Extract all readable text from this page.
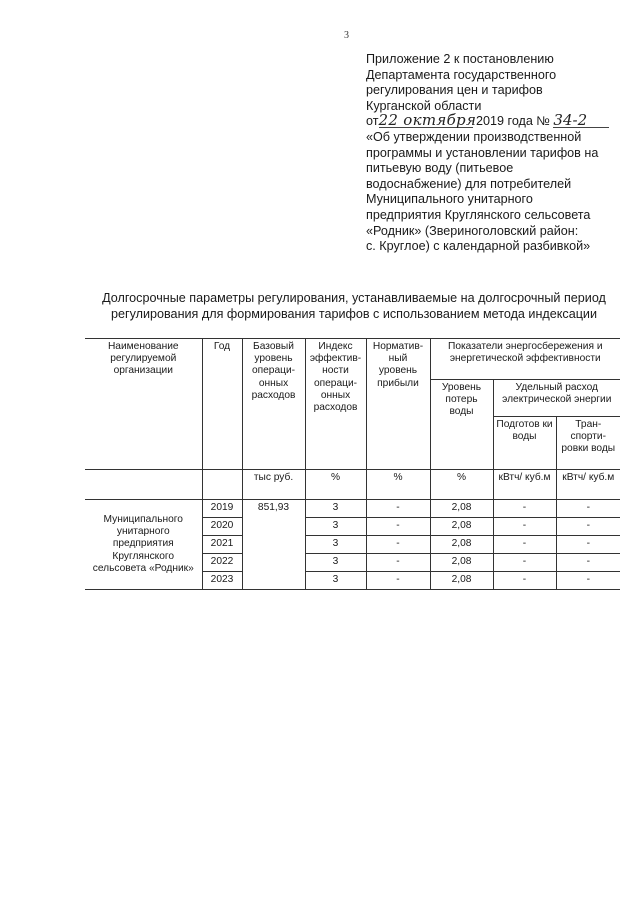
3
Приложение 2 к постановлению
Департамента государственного
регулирования цен и тарифов
Курганской области
от22 октября 2019 года № 34-2
«Об утверждении производственной
программы и установлении тарифов на
питьевую воду (питьевое
водоснабжение) для потребителей
Муниципального унитарного
предприятия Круглянского сельсовета
«Родник» (Звериноголовский район:
с. Круглое) с календарной разбивкой»
Долгосрочные параметры регулирования, устанавливаемые на долгосрочный период
регулирования для формирования тарифов с использованием метода индексации
Наименование регулируемой организации	Год	Базовый уровень операци-онных расходов	Индекс эффектив-ности операци-онных расходов	Норматив-ный уровень прибыли	Показатели энергосбережения и энергетической эффективности		
					Уровень потерь воды	Удельный расход электрической энергии	
						Подготов ки воды	Тран-спорти-ровки воды
		тыс руб.	%	%	%	кВтч/ куб.м	кВтч/ куб.м
Муниципального унитарного предприятия Круглянского сельсовета «Родник»	2019	851,93	3	-	2,08	-	-
	2020		3	-	2,08	-	-
	2021		3	-	2,08	-	-
	2022		3	-	2,08	-	-
	2023		3	-	2,08	-	-
